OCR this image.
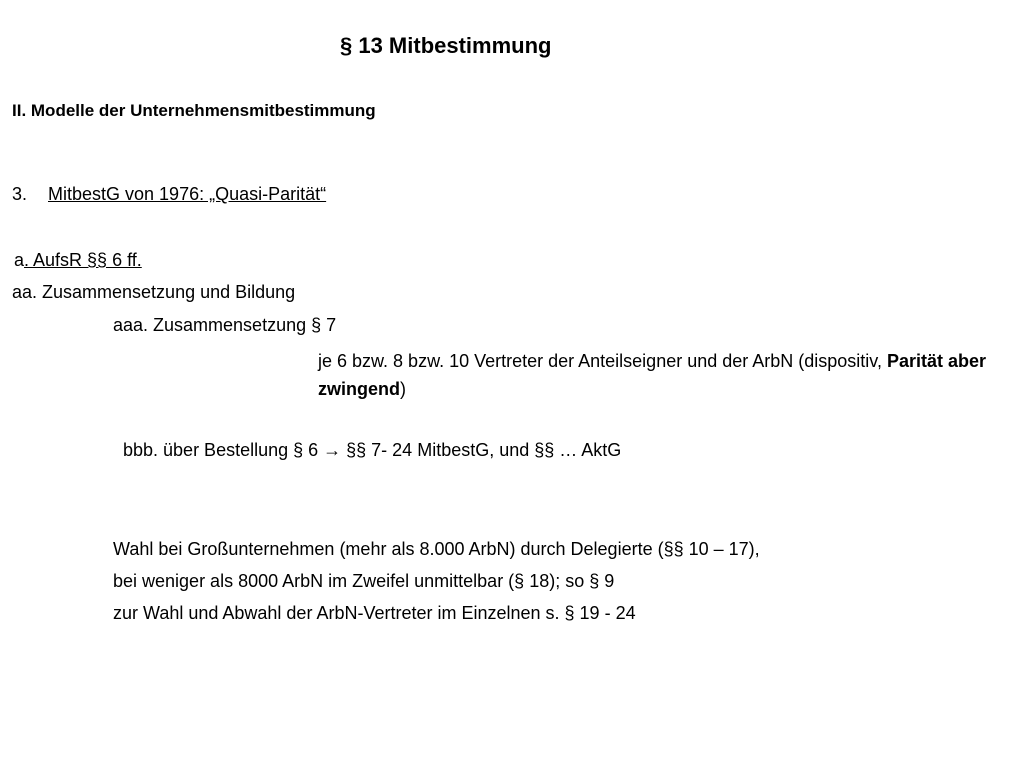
§ 13 Mitbestimmung
II. Modelle der Unternehmensmitbestimmung
3. MitbestG von 1976: „Quasi-Parität“
a. AufsR §§ 6 ff.
aa. Zusammensetzung und Bildung
aaa. Zusammensetzung § 7
je 6 bzw. 8 bzw. 10 Vertreter der Anteilseigner und der ArbN (dispositiv, Parität aber zwingend)
bbb. über Bestellung § 6 → §§ 7- 24 MitbestG, und §§ … AktG
Wahl bei Großunternehmen (mehr als 8.000 ArbN) durch Delegierte (§§ 10 – 17),
bei weniger als 8000 ArbN im Zweifel unmittelbar (§ 18); so § 9
zur Wahl und Abwahl der ArbN-Vertreter im Einzelnen s. § 19 - 24
